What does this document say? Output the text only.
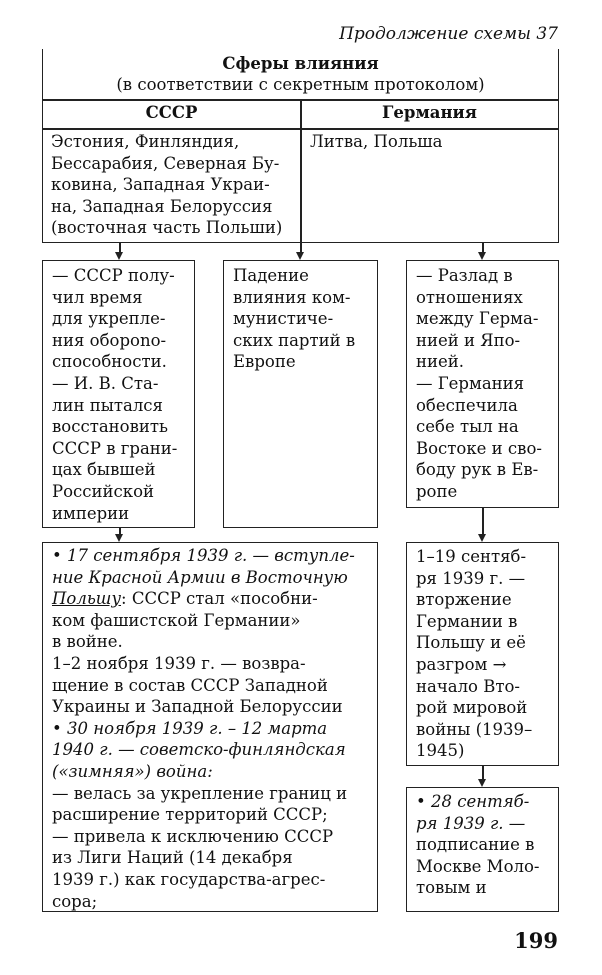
Продолжение схемы 37
Сферы влияния
(в соответствии с секретным протоколом)
СССР	Германия
Эстония, Финляндия,
Бессарабия, Северная Бу-
ковина, Западная Украи-
на, Западная Белоруссия
(восточная часть Польши)
Литва, Польша
— СССР полу-
чил время
для укрепле-
ния оборono-
способности.
— И. В. Ста-
лин пытался
восстановить
СССР в грани-
цах бывшей
Российской
империи
Падение
влияния ком-
мунистиче-
ских партий в
Европе
— Разлад в
отношениях
между Герма-
нией и Япо-
нией.
— Германия
обеспечила
себе тыл на
Востоке и сво-
боду рук в Ев-
ропе
• 17 сентября 1939 г. — вступле-
ние Красной Армии в Восточную
Польшу: СССР стал «пособни-
ком фашистской Германии»
в войне.
1–2 ноября 1939 г. — возвра-
щение в состав СССР Западной
Украины и Западной Белоруссии
• 30 ноября 1939 г. – 12 марта
1940 г. — советско-финляндская
(«зимняя») война:
— велась за укрепление границ и
расширение территорий СССР;
— привела к исключению СССР
из Лиги Наций (14 декабря
1939 г.) как государства-агрес-
сора;
1–19 сентяб-
ря 1939 г. —
вторжение
Германии в
Польшу и её
разгром →
начало Вто-
рой мировой
войны (1939–
1945)
• 28 сентяб-
ря 1939 г. —
подписание в
Москве Моло-
товым и
199
